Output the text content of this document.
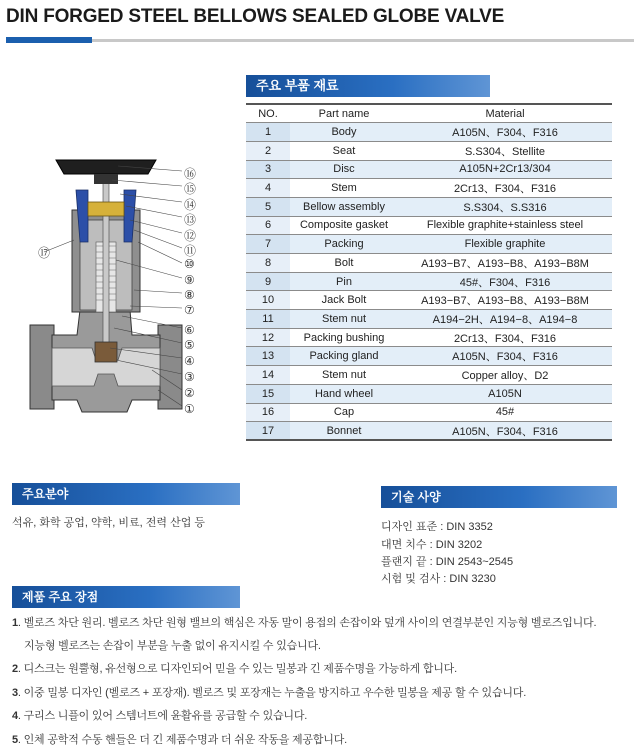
DIN FORGED STEEL BELLOWS SEALED GLOBE VALVE
주요 부품 재료
⑯
⑮
⑭
⑬
⑫
⑪
⑩
⑨
⑧
⑦
⑥
⑤
④
③
②
①
⑰
NO.	Part name	Material
1	Body	A105N、F304、F316
2	Seat	S.S304、Stellite
3	Disc	A105N+2Cr13/304
4	Stem	2Cr13、F304、F316
5	Bellow assembly	S.S304、S.S316
6	Composite gasket	Flexible graphite+stainless steel
7	Packing	Flexible graphite
8	Bolt	A193−B7、A193−B8、A193−B8M
9	Pin	45#、F304、F316
10	Jack Bolt	A193−B7、A193−B8、A193−B8M
11	Stem nut	A194−2H、A194−8、A194−8
12	Packing bushing	2Cr13、F304、F316
13	Packing gland	A105N、F304、F316
14	Stem nut	Copper alloy、D2
15	Hand wheel	A105N
16	Cap	45#
17	Bonnet	A105N、F304、F316
주요분야
석유, 화학 공업, 약학, 비료, 전력 산업 등
기술 사양
디자인 표준 : DIN 3352
대면 치수 : DIN 3202
플랜지 끝 : DIN 2543~2545
시험 및 검사 : DIN 3230
제품 주요 장점
1. 벨로즈 차단 원리. 벨로즈 차단 원형 밸브의 핵심은 자동 말이 용접의 손잡이와 덮개 사이의 연결부분인 지능형 벨로즈입니다.
지능형 벨로즈는 손잡이 부분을 누출 없이 유지시킬 수 있습니다.
2. 디스크는 원뿔형, 유선형으로 디자인되어 믿을 수 있는 밀봉과 긴 제품수명을 가능하게 합니다.
3. 이중 밀봉 디자인 (벨로즈 + 포장재). 벨로즈 및 포장재는 누출을 방지하고 우수한 밀봉을 제공 할 수 있습니다.
4. 구리스 니플이 있어 스템너트에 윤활유를 공급할 수 있습니다.
5. 인체 공학적 수동 핸들은 더 긴 제품수명과 더 쉬운 작동을 제공합니다.
